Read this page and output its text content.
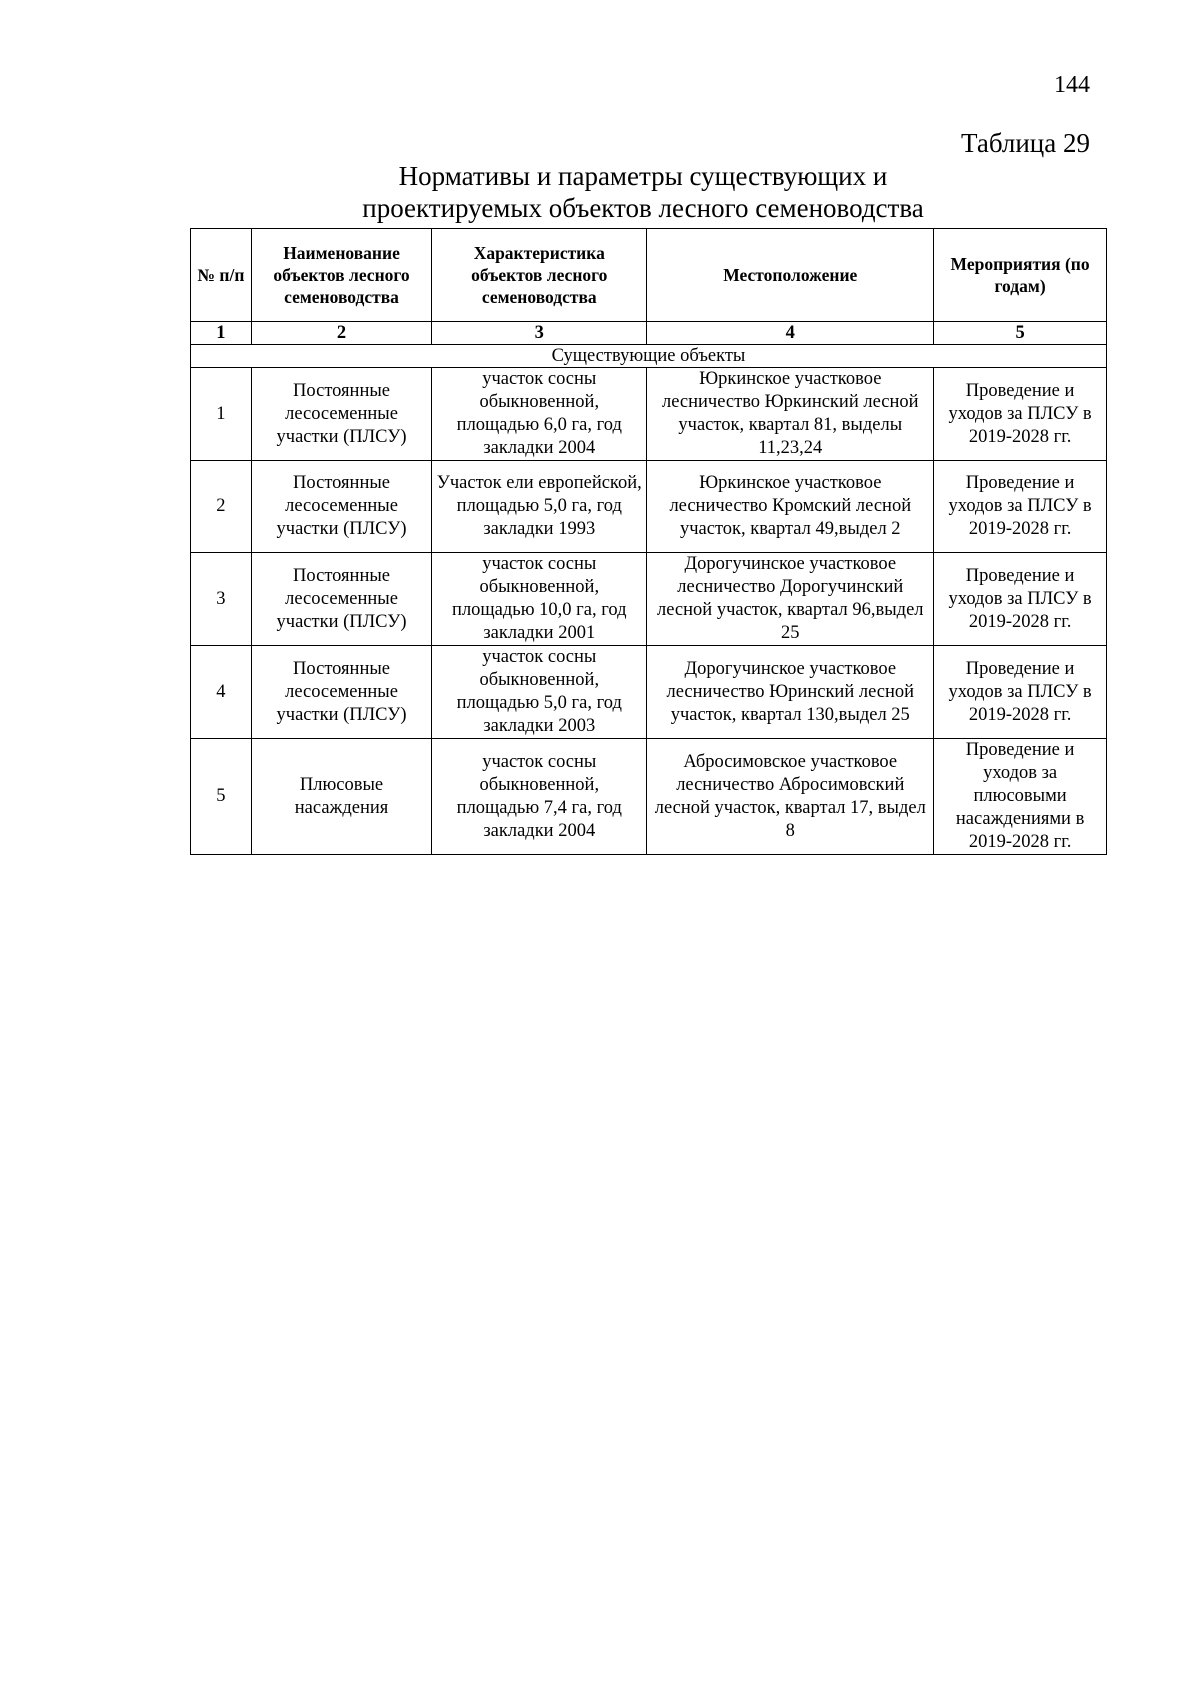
144
Таблица 29
Нормативы и параметры существующих и
проектируемых объектов лесного семеноводства
№ п/п	Наименование объектов лесного семеноводства	Характеристика объектов лесного семеноводства	Местоположение	Мероприятия (по годам)
1	2	3	4	5
Существующие объекты				
1	Постоянные лесосеменные участки (ПЛСУ)	участок сосны обыкновенной, площадью 6,0 га, год закладки 2004	Юркинское участковое лесничество Юркинский лесной участок, квартал 81, выделы 11,23,24	Проведение и уходов за ПЛСУ в 2019-2028 гг.
2	Постоянные лесосеменные участки (ПЛСУ)	Участок ели европейской, площадью 5,0 га, год закладки 1993	Юркинское участковое лесничество Кромский лесной участок, квартал 49,выдел 2	Проведение и уходов за ПЛСУ в 2019-2028 гг.
3	Постоянные лесосеменные участки (ПЛСУ)	участок сосны обыкновенной, площадью 10,0 га, год закладки 2001	Дорогучинское участковое лесничество Дорогучинский лесной участок, квартал 96,выдел 25	Проведение и уходов за ПЛСУ в 2019-2028 гг.
4	Постоянные лесосеменные участки (ПЛСУ)	участок сосны обыкновенной, площадью 5,0 га, год закладки 2003	Дорогучинское участковое лесничество Юринский лесной участок, квартал 130,выдел 25	Проведение и уходов за ПЛСУ в 2019-2028 гг.
5	Плюсовые насаждения	участок сосны обыкновенной, площадью 7,4 га, год закладки 2004	Абросимовское участковое лесничество Абросимовский лесной участок, квартал 17, выдел 8	Проведение и уходов за плюсовыми насаждениями в 2019-2028 гг.
